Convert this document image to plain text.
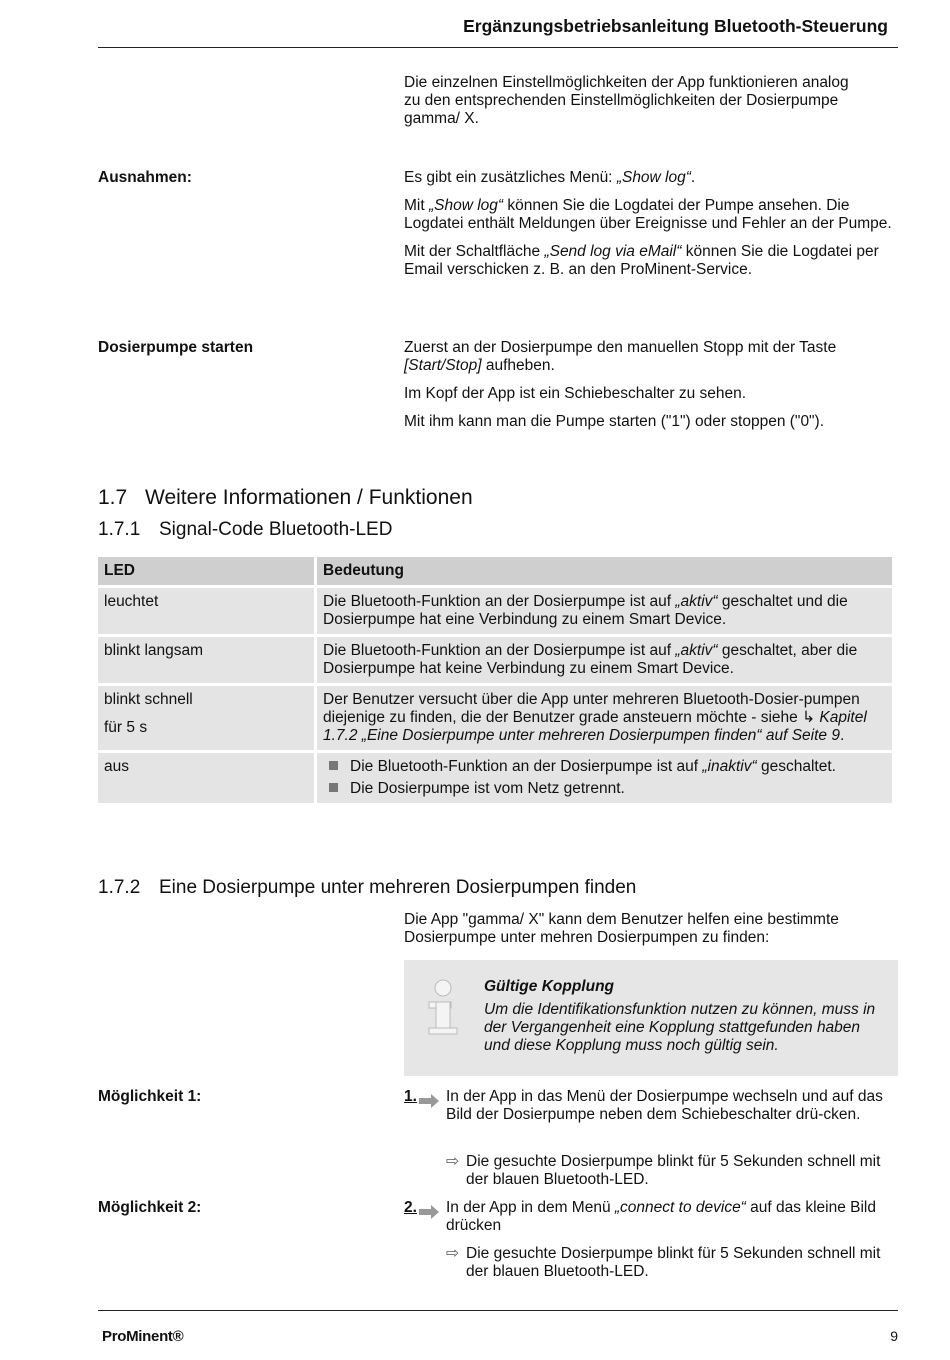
Ergänzungsbetriebsanleitung Bluetooth-Steuerung
Die einzelnen Einstellmöglichkeiten der App funktionieren analog
zu den entsprechenden Einstellmöglichkeiten der Dosierpumpe
gamma/ X.
Ausnahmen:	Es gibt ein zusätzliches Menü: „Show log“.

Mit „Show log“ können Sie die Logdatei der Pumpe ansehen. Die Logdatei enthält Meldungen über Ereignisse und Fehler an der Pumpe.

Mit der Schaltfläche „Send log via eMail“ können Sie die Logdatei per Email verschicken z. B. an den ProMinent-Service.

Dosierpumpe starten	Zuerst an der Dosierpumpe den manuellen Stopp mit der Taste [Start/Stop] aufheben.

Im Kopf der App ist ein Schiebeschalter zu sehen.

Mit ihm kann man die Pumpe starten ("1") oder stoppen ("0").

1.7 Weitere Informationen / Funktionen
1.7.1 Signal-Code Bluetooth-LED
LED	Bedeutung
leuchtet	Die Bluetooth-Funktion an der Dosierpumpe ist auf „aktiv“ geschaltet und die Dosierpumpe hat eine Verbindung zu einem Smart Device.
blinkt langsam	Die Bluetooth-Funktion an der Dosierpumpe ist auf „aktiv“ geschaltet, aber die Dosierpumpe hat keine Verbindung zu einem Smart Device.

blinkt schnell
für 5 s	Der Benutzer versucht über die App unter mehreren Bluetooth-Dosier-pumpen diejenige zu finden, die der Benutzer grade ansteuern möchte - siehe ↳ Kapitel 1.7.2 „Eine Dosierpumpe unter mehreren Dosierpumpen finden“ auf Seite 9.
aus	Die Bluetooth-Funktion an der Dosierpumpe ist auf „inaktiv“ geschaltet.
Die Dosierpumpe ist vom Netz getrennt.
1.7.2 Eine Dosierpumpe unter mehreren Dosierpumpen finden
Die App "gamma/ X" kann dem Benutzer helfen eine bestimmte Dosierpumpe unter mehren Dosierpumpen zu finden:
Gültige Kopplung
Um die Identifikationsfunktion nutzen zu können, muss in der Vergangenheit eine Kopplung stattgefunden haben und diese Kopplung muss noch gültig sein.
Möglichkeit 1:	1. In der App in das Menü der Dosierpumpe wechseln und auf das Bild der Dosierpumpe neben dem Schiebeschalter drü-cken.
⇨ Die gesuchte Dosierpumpe blinkt für 5 Sekunden schnell mit der blauen Bluetooth-LED.
Möglichkeit 2:	2. In der App in dem Menü „connect to device“ auf das kleine Bild drücken
⇨ Die gesuchte Dosierpumpe blinkt für 5 Sekunden schnell mit der blauen Bluetooth-LED.
ProMinent®	9
